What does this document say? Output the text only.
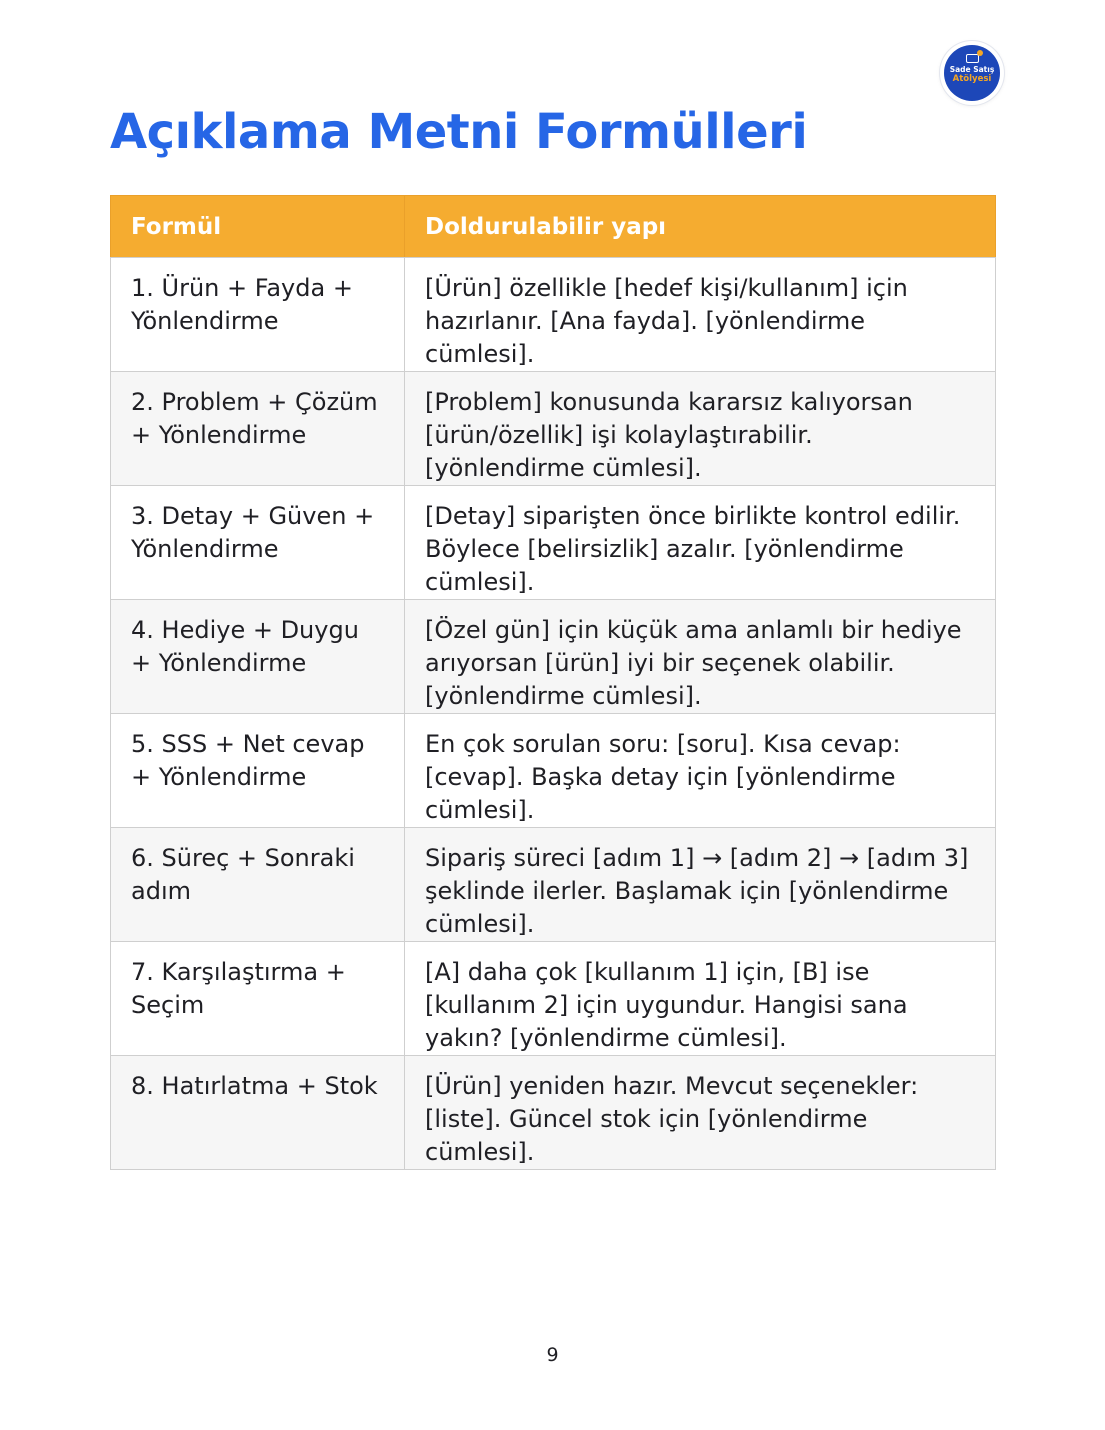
Sade Satış
Atölyesi
Açıklama Metni Formülleri
Formül	Doldurulabilir yapı
1. Ürün + Fayda + Yönlendirme	[Ürün] özellikle [hedef kişi/kullanım] için hazırlanır. [Ana fayda]. [yönlendirme cümlesi].
2. Problem + Çözüm + Yönlendirme	[Problem] konusunda kararsız kalıyorsan [ürün/özellik] işi kolaylaştırabilir. [yönlendirme cümlesi].
3. Detay + Güven + Yönlendirme	[Detay] siparişten önce birlikte kontrol edilir. Böylece [belirsizlik] azalır. [yönlendirme cümlesi].
4. Hediye + Duygu + Yönlendirme	[Özel gün] için küçük ama anlamlı bir hediye arıyorsan [ürün] iyi bir seçenek olabilir. [yönlendirme cümlesi].
5. SSS + Net cevap + Yönlendirme	En çok sorulan soru: [soru]. Kısa cevap: [cevap]. Başka detay için [yönlendirme cümlesi].
6. Süreç + Sonraki adım	Sipariş süreci [adım 1] → [adım 2] → [adım 3] şeklinde ilerler. Başlamak için [yönlendirme cümlesi].
7. Karşılaştırma + Seçim	[A] daha çok [kullanım 1] için, [B] ise [kullanım 2] için uygundur. Hangisi sana yakın? [yönlendirme cümlesi].
8. Hatırlatma + Stok	[Ürün] yeniden hazır. Mevcut seçenekler: [liste]. Güncel stok için [yönlendirme cümlesi].
9
